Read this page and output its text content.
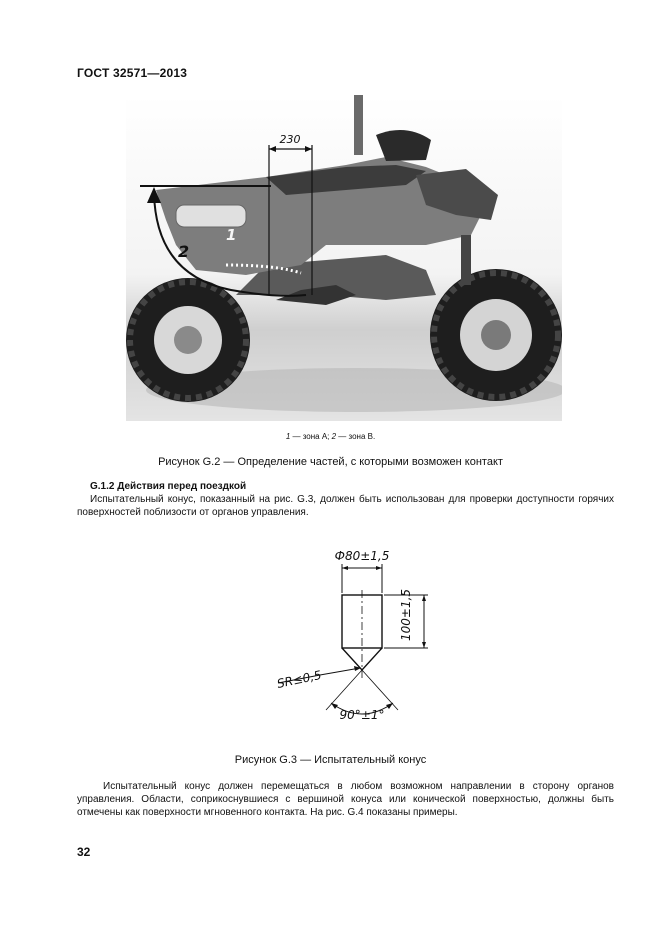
ГОСТ 32571—2013
230
1
2
1 — зона А; 2 — зона В.
Рисунок G.2 — Определение частей, с которыми возможен контакт
G.1.2 Действия перед поездкой
Испытательный конус, показанный на рис. G.3, должен быть использован для проверки доступности горячих поверхностей поблизости от органов управления.
Ф80±1,5
100±1,5
SR≤0,5
90°±1°
Рисунок G.3 — Испытательный конус
Испытательный конус должен перемещаться в любом возможном направлении в сторону органов управления. Области, соприкоснувшиеся с вершиной конуса или конической поверхностью, должны быть отмечены как поверхности мгновенного контакта. На рис. G.4 показаны примеры.
32
